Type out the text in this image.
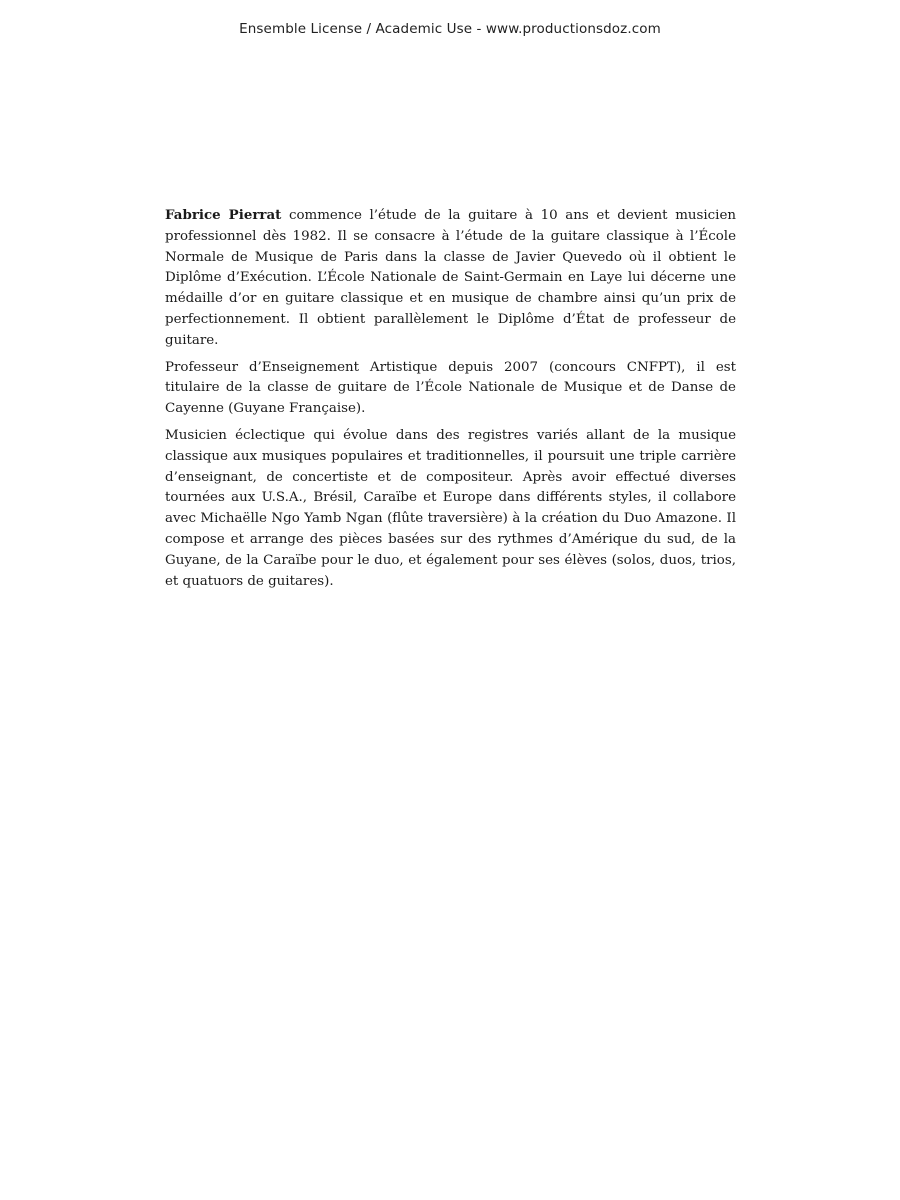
Ensemble License / Academic Use - www.productionsdoz.com

Fabrice Pierrat commence l’étude de la guitare à 10 ans et devient musicien professionnel dès 1982. Il se consacre à l’étude de la guitare classique à l’École Normale de Musique de Paris dans la classe de Javier Quevedo où il obtient le Diplôme d’Exécution. L’École Nationale de Saint-Germain en Laye lui décerne une médaille d’or en guitare classique et en musique de chambre ainsi qu’un prix de perfectionnement. Il obtient parallèlement le Diplôme d’État de professeur de guitare.

Professeur d’Enseignement Artistique depuis 2007 (concours CNFPT), il est titulaire de la classe de guitare de l’École Nationale de Musique et de Danse de Cayenne (Guyane Française).

Musicien éclectique qui évolue dans des registres variés allant de la musique classique aux musiques populaires et traditionnelles, il poursuit une triple carrière d’enseignant, de concertiste et de compositeur. Après avoir effectué diverses tournées aux U.S.A., Brésil, Caraïbe et Europe dans différents styles, il collabore avec Michaëlle Ngo Yamb Ngan (flûte traversière) à la création du Duo Amazone. Il compose et arrange des pièces basées sur des rythmes d’Amérique du sud, de la Guyane, de la Caraïbe pour le duo, et également pour ses élèves (solos, duos, trios, et quatuors de guitares).
